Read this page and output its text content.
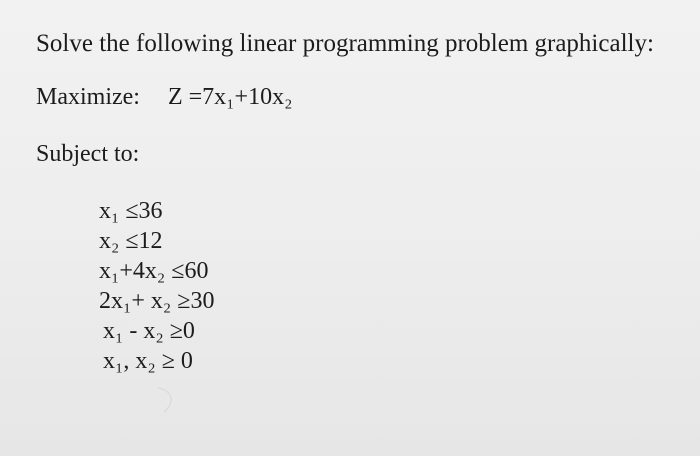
Solve the following linear programming problem graphically:
Maximize: Z =7x₁+10x₂
Subject to:
x₁ ≤36
x₂ ≤12
x₁+4x₂ ≤60
2x₁+ x₂ ≥30
x₁ - x₂ ≥0
x₁, x₂ ≥ 0
